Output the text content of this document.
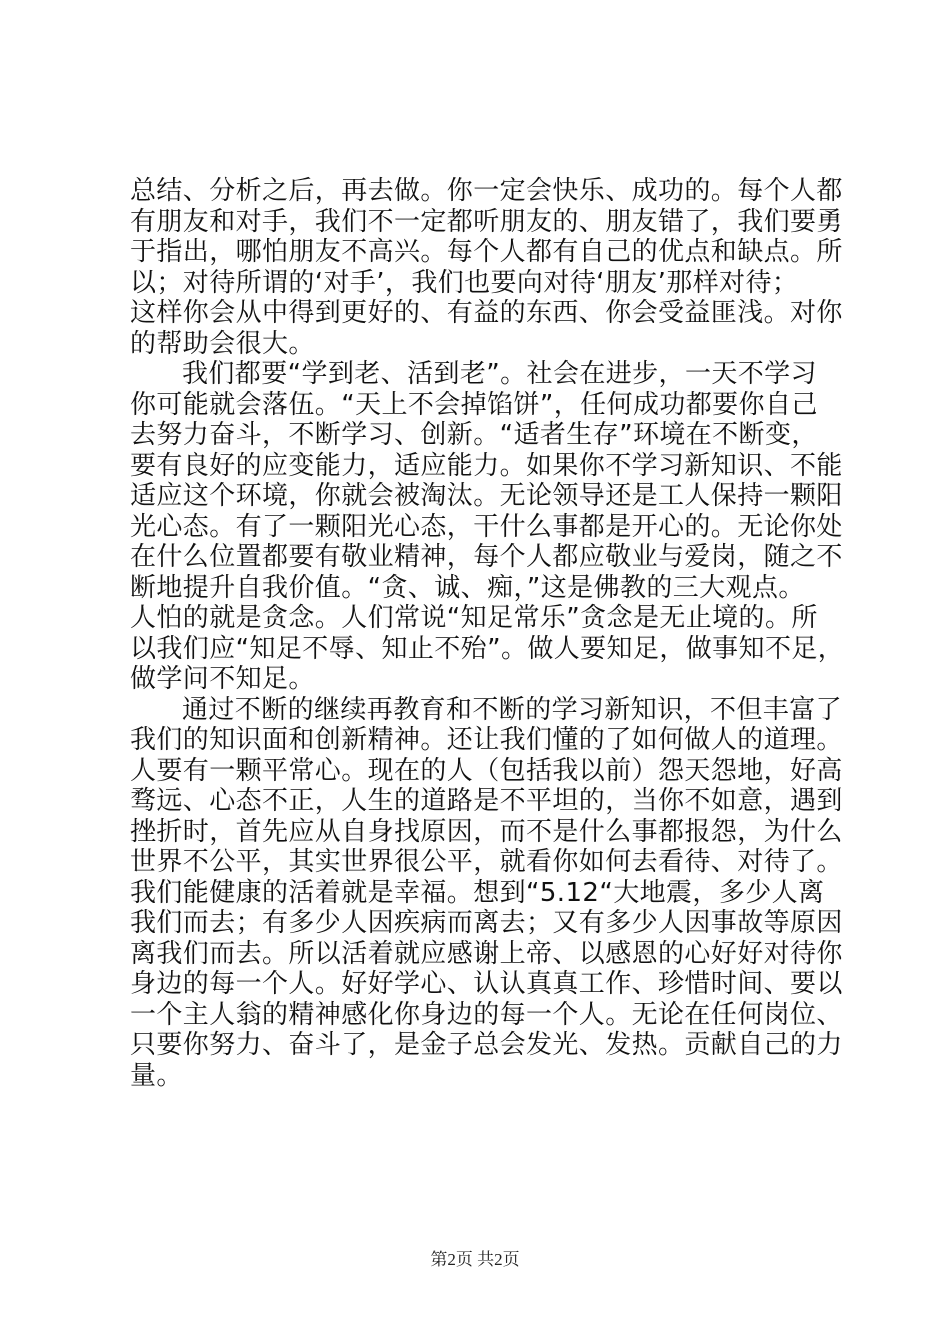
总结、分析之后，再去做。你一定会快乐、成功的。每个人都
有朋友和对手，我们不一定都听朋友的、朋友错了，我们要勇
于指出，哪怕朋友不高兴。每个人都有自己的优点和缺点。所
以；对待所谓的‘对手’，我们也要向对待‘朋友’那样对待；
这样你会从中得到更好的、有益的东西、你会受益匪浅。对你
的帮助会很大。
我们都要“学到老、活到老”。社会在进步，一天不学习
你可能就会落伍。“天上不会掉馅饼”，任何成功都要你自己
去努力奋斗，不断学习、创新。“适者生存”环境在不断变，
要有良好的应变能力，适应能力。如果你不学习新知识、不能
适应这个环境，你就会被淘汰。无论领导还是工人保持一颗阳
光心态。有了一颗阳光心态，干什么事都是开心的。无论你处
在什么位置都要有敬业精神，每个人都应敬业与爱岗，随之不
断地提升自我价值。“贪、诚、痴，”这是佛教的三大观点。
人怕的就是贪念。人们常说“知足常乐”贪念是无止境的。所
以我们应“知足不辱、知止不殆”。做人要知足，做事知不足，
做学问不知足。
通过不断的继续再教育和不断的学习新知识，不但丰富了
我们的知识面和创新精神。还让我们懂的了如何做人的道理。
人要有一颗平常心。现在的人（包括我以前）怨天怨地，好高
骛远、心态不正，人生的道路是不平坦的，当你不如意，遇到
挫折时，首先应从自身找原因，而不是什么事都报怨，为什么
世界不公平，其实世界很公平，就看你如何去看待、对待了。
我们能健康的活着就是幸福。想到“5.12“大地震，多少人离
我们而去；有多少人因疾病而离去；又有多少人因事故等原因
离我们而去。所以活着就应感谢上帝、以感恩的心好好对待你
身边的每一个人。好好学心、认认真真工作、珍惜时间、要以
一个主人翁的精神感化你身边的每一个人。无论在任何岗位、
只要你努力、奋斗了，是金子总会发光、发热。贡献自己的力
量。
第2页 共2页
